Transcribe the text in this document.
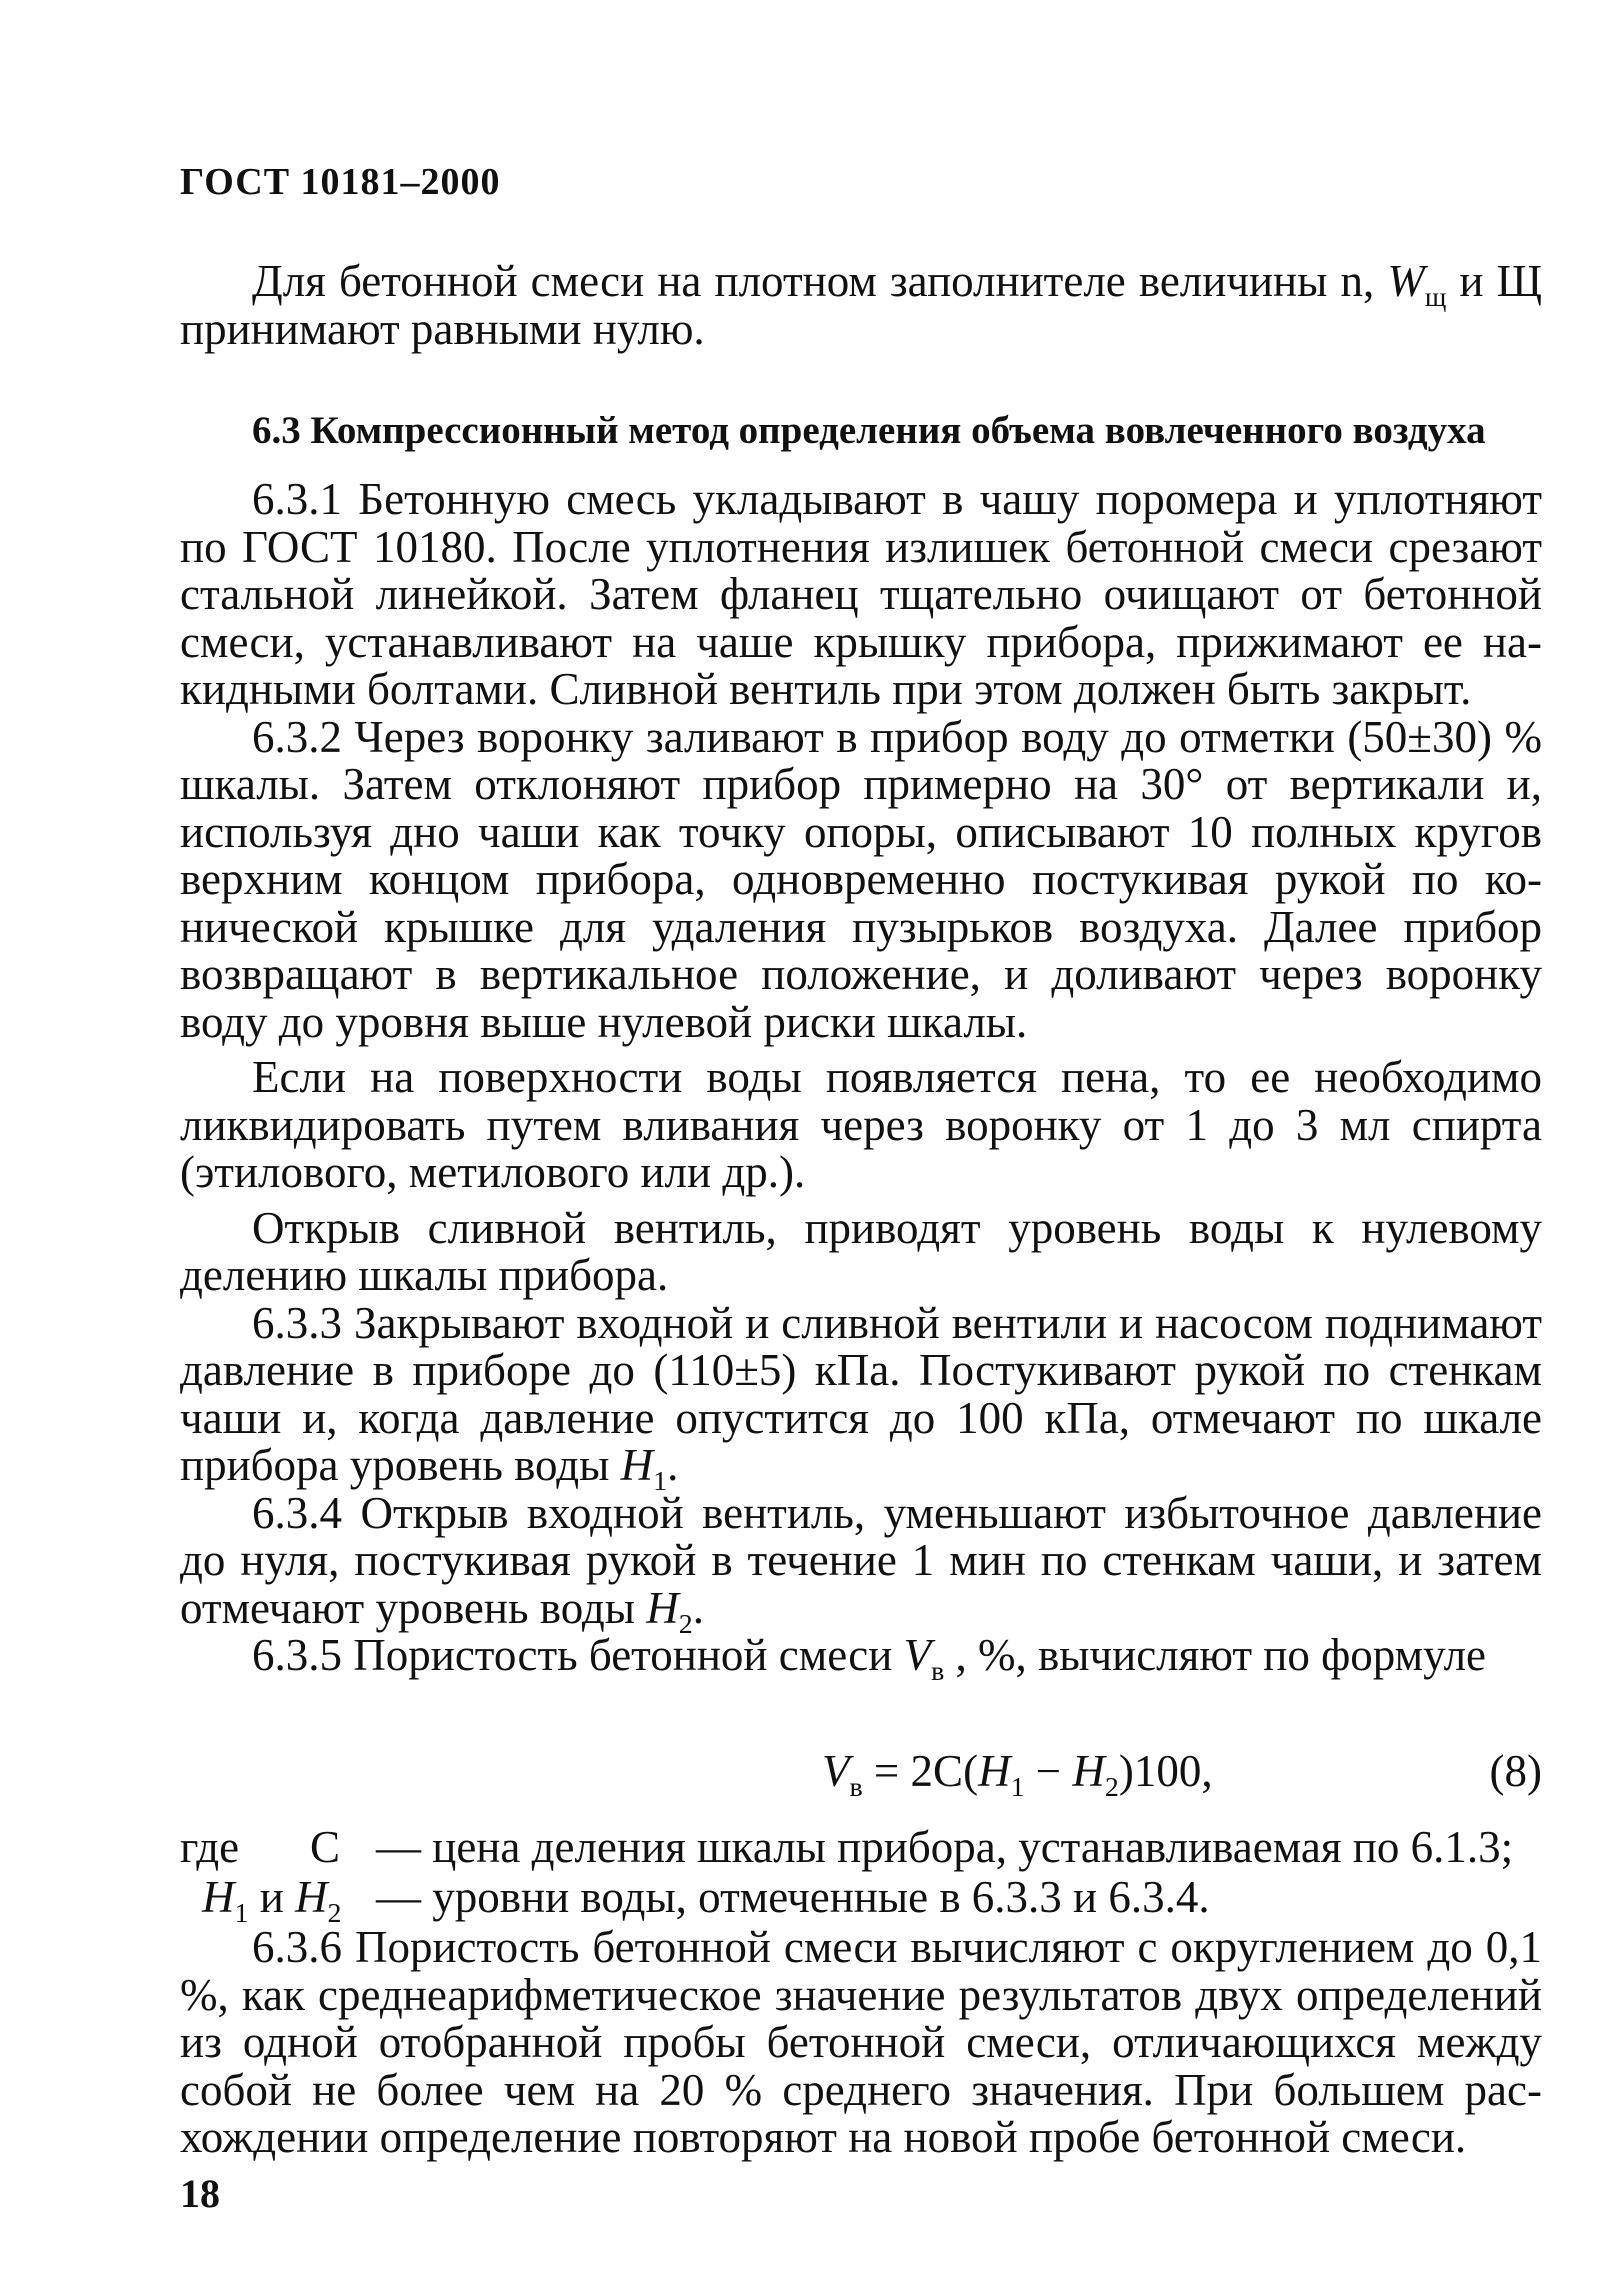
ГОСТ 10181–2000

Для бетонной смеси на плотном заполнителе величины n, $W_щ$ и Щ принимают равными нулю.

6.3 Компрессионный метод определения объема вовлеченного воздуха

6.3.1 Бетонную смесь укладывают в чашу поромера и уплотняют по ГОСТ 10180. После уплотнения излишек бетонной смеси срезают стальной линейкой. Затем фланец тщательно очищают от бетонной смеси, устанавливают на чаше крышку прибора, прижимают ее накидными болтами. Сливной вентиль при этом должен быть закрыт.

6.3.2 Через воронку заливают в прибор воду до отметки (50±30) % шкалы. Затем отклоняют прибор примерно на 30° от вертикали и, используя дно чаши как точку опоры, описывают 10 полных кругов верхним концом прибора, одновременно постукивая рукой по конической крышке для удаления пузырьков воздуха. Далее прибор возвращают в вертикальное положение, и доливают через воронку воду до уровня выше нулевой риски шкалы.

Если на поверхности воды появляется пена, то ее необходимо ликвидировать путем вливания через воронку от 1 до 3 мл спирта (этилового, метилового или др.).

Открыв сливной вентиль, приводят уровень воды к нулевому делению шкалы прибора.

6.3.3 Закрывают входной и сливной вентили и насосом поднимают давление в приборе до (110±5) кПа. Постукивают рукой по стенкам чаши и, когда давление опустится до 100 кПа, отмечают по шкале прибора уровень воды $H_1$.

6.3.4 Открыв входной вентиль, уменьшают избыточное давление до нуля, постукивая рукой в течение 1 мин по стенкам чаши, и затем отмечают уровень воды $H_2$.

6.3.5 Пористость бетонной смеси $V_в$ , %, вычисляют по формуле

$V_в = 2C(H_1 - H_2)100$,	(8)
где C — цена деления шкалы прибора, устанавливаемая по 6.1.3;
$H_1$ и $H_2$ — уровни воды, отмеченные в 6.3.3 и 6.3.4.

6.3.6 Пористость бетонной смеси вычисляют с округлением до 0,1 %, как среднеарифметическое значение результатов двух определений из одной отобранной пробы бетонной смеси, отличающихся между собой не более чем на 20 % среднего значения. При большем расхождении определение повторяют на новой пробе бетонной смеси.

18
